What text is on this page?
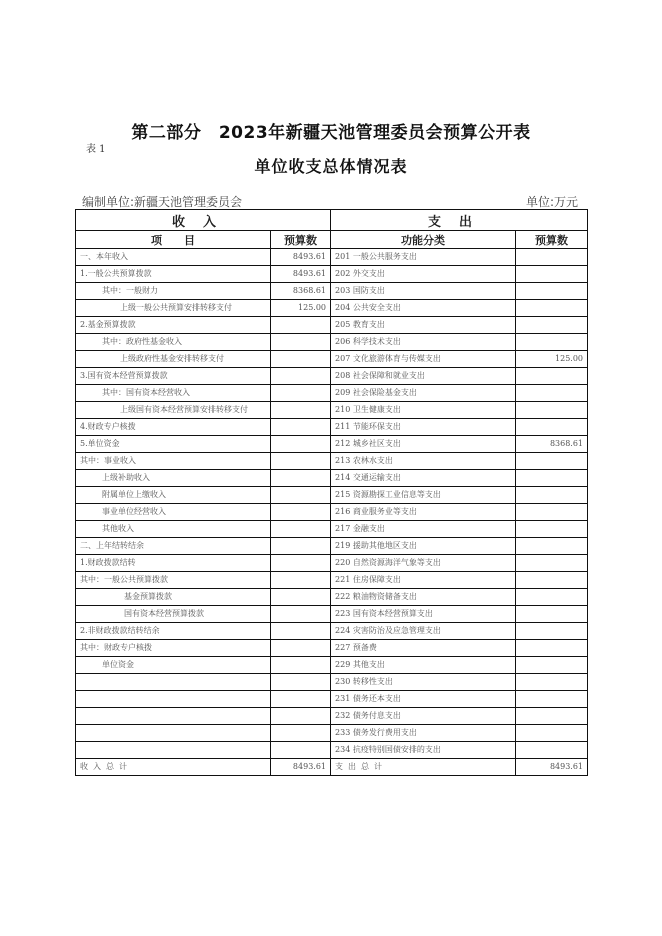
第二部分　2023年新疆天池管理委员会预算公开表
表 1
单位收支总体情况表
编制单位:新疆天池管理委员会	单位:万元
收入		支出	
项　　目	预算数	功能分类	预算数
一、本年收入	8493.61	201 一般公共服务支出	
1.一般公共预算拨款	8493.61	202 外交支出	
其中：一般财力	8368.61	203 国防支出	
上级一般公共预算安排转移支付	125.00	204 公共安全支出	
2.基金预算拨款		205 教育支出	
其中：政府性基金收入		206 科学技术支出	
上级政府性基金安排转移支付		207 文化旅游体育与传媒支出	125.00
3.国有资本经营预算拨款		208 社会保障和就业支出	
其中：国有资本经营收入		209 社会保险基金支出	
上级国有资本经营预算安排转移支付		210 卫生健康支出	
4.财政专户核拨		211 节能环保支出	
5.单位资金		212 城乡社区支出	8368.61
其中：事业收入		213 农林水支出	
上级补助收入		214 交通运输支出	
附属单位上缴收入		215 资源勘探工业信息等支出	
事业单位经营收入		216 商业服务业等支出	
其他收入		217 金融支出	
二、上年结转结余		219 援助其他地区支出	
1.财政拨款结转		220 自然资源海洋气象等支出	
其中：一般公共预算拨款		221 住房保障支出	
基金预算拨款		222 粮油物资储备支出	
国有资本经营预算拨款		223 国有资本经营预算支出	
2.非财政拨款结转结余		224 灾害防治及应急管理支出	
其中：财政专户核拨		227 预备费	
单位资金		229 其他支出	
		230 转移性支出	
		231 债务还本支出	
		232 债务付息支出	
		233 债务发行费用支出	
		234 抗疫特别国债安排的支出	
收入总计	8493.61	支出总计	8493.61
